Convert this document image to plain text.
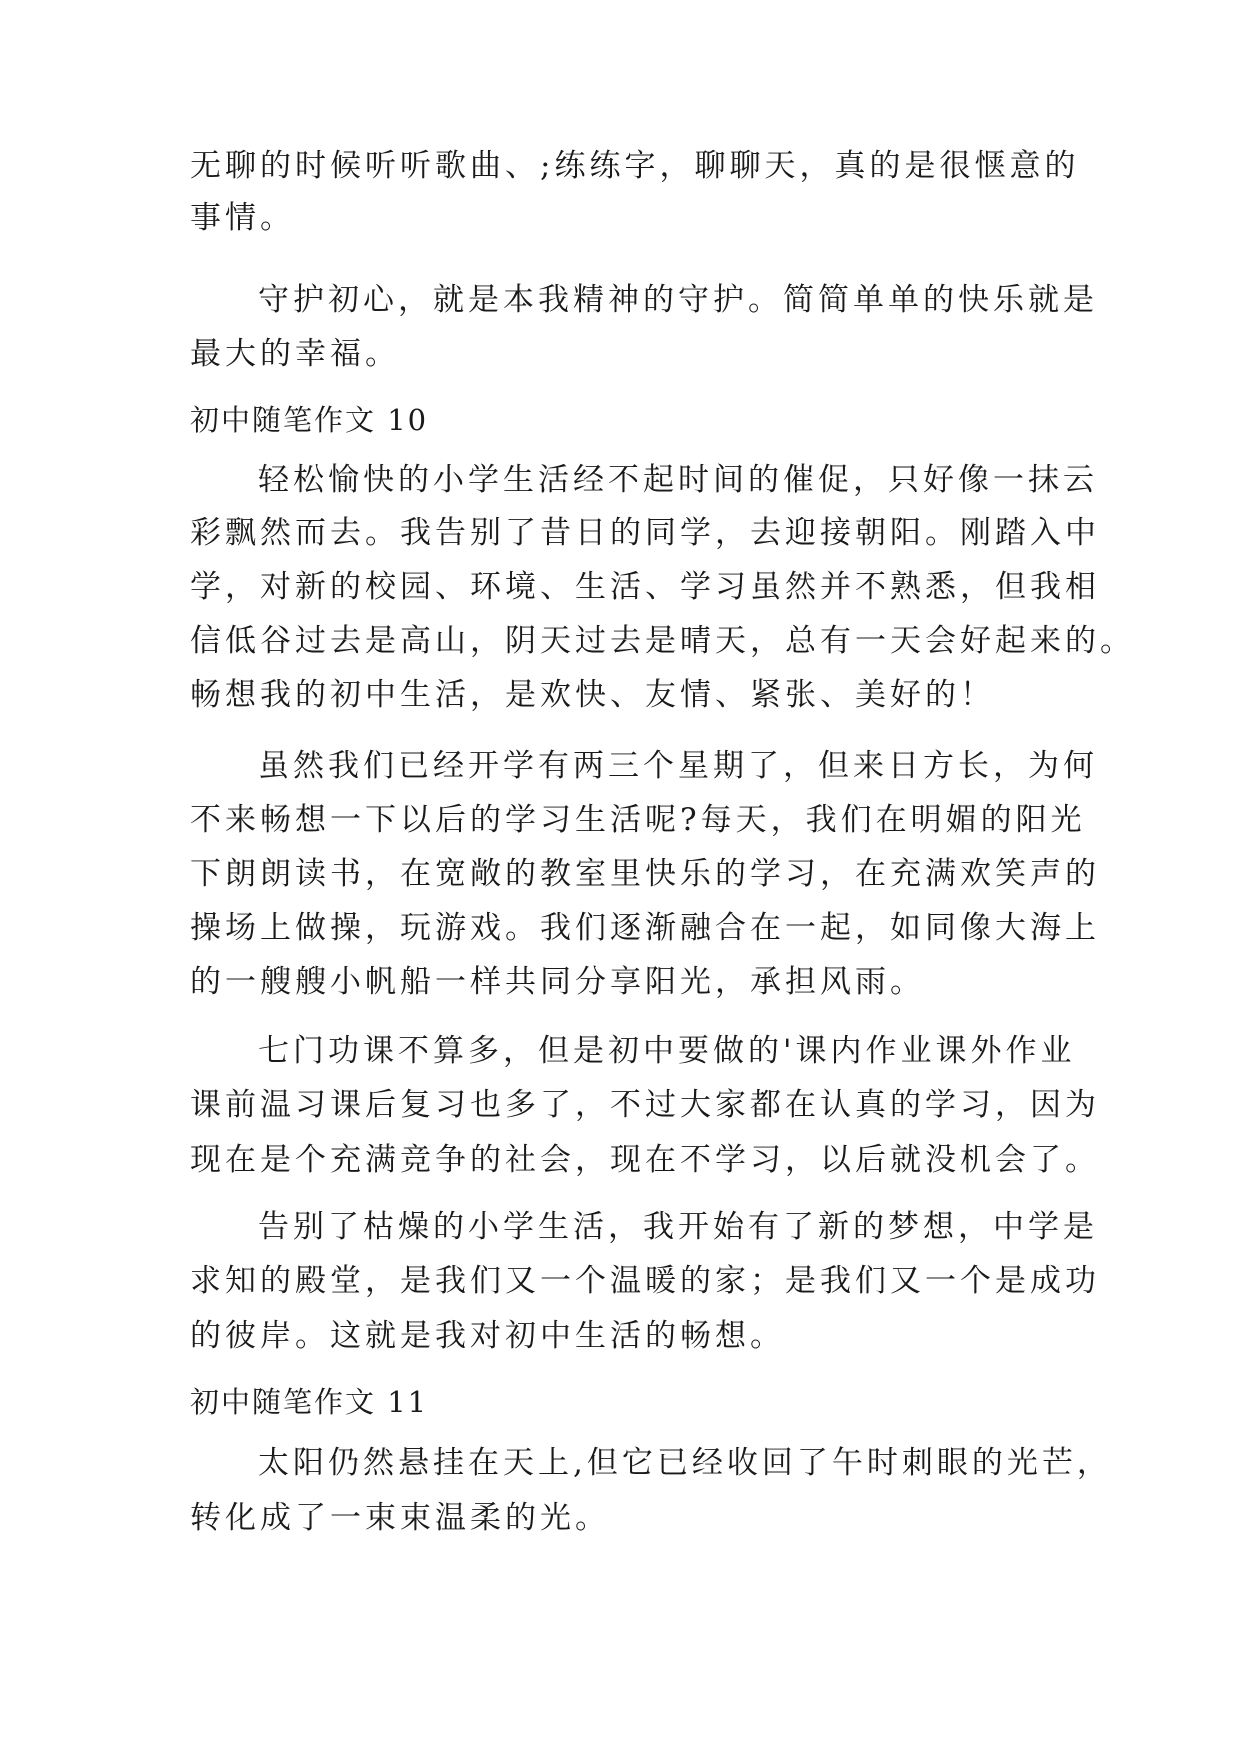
无聊的时候听听歌曲、;练练字，聊聊天，真的是很惬意的
事情。
守护初心，就是本我精神的守护。简简单单的快乐就是
最大的幸福。
初中随笔作文 10
轻松愉快的小学生活经不起时间的催促，只好像一抹云
彩飘然而去。我告别了昔日的同学，去迎接朝阳。刚踏入中
学，对新的校园、环境、生活、学习虽然并不熟悉，但我相
信低谷过去是高山，阴天过去是晴天，总有一天会好起来的。
畅想我的初中生活，是欢快、友情、紧张、美好的！
虽然我们已经开学有两三个星期了，但来日方长，为何
不来畅想一下以后的学习生活呢?每天，我们在明媚的阳光
下朗朗读书，在宽敞的教室里快乐的学习，在充满欢笑声的
操场上做操，玩游戏。我们逐渐融合在一起，如同像大海上
的一艘艘小帆船一样共同分享阳光，承担风雨。
七门功课不算多，但是初中要做的'课内作业课外作业
课前温习课后复习也多了，不过大家都在认真的学习，因为
现在是个充满竞争的社会，现在不学习，以后就没机会了。
告别了枯燥的小学生活，我开始有了新的梦想，中学是
求知的殿堂，是我们又一个温暖的家；是我们又一个是成功
的彼岸。这就是我对初中生活的畅想。
初中随笔作文 11
太阳仍然悬挂在天上,但它已经收回了午时刺眼的光芒，
转化成了一束束温柔的光。
